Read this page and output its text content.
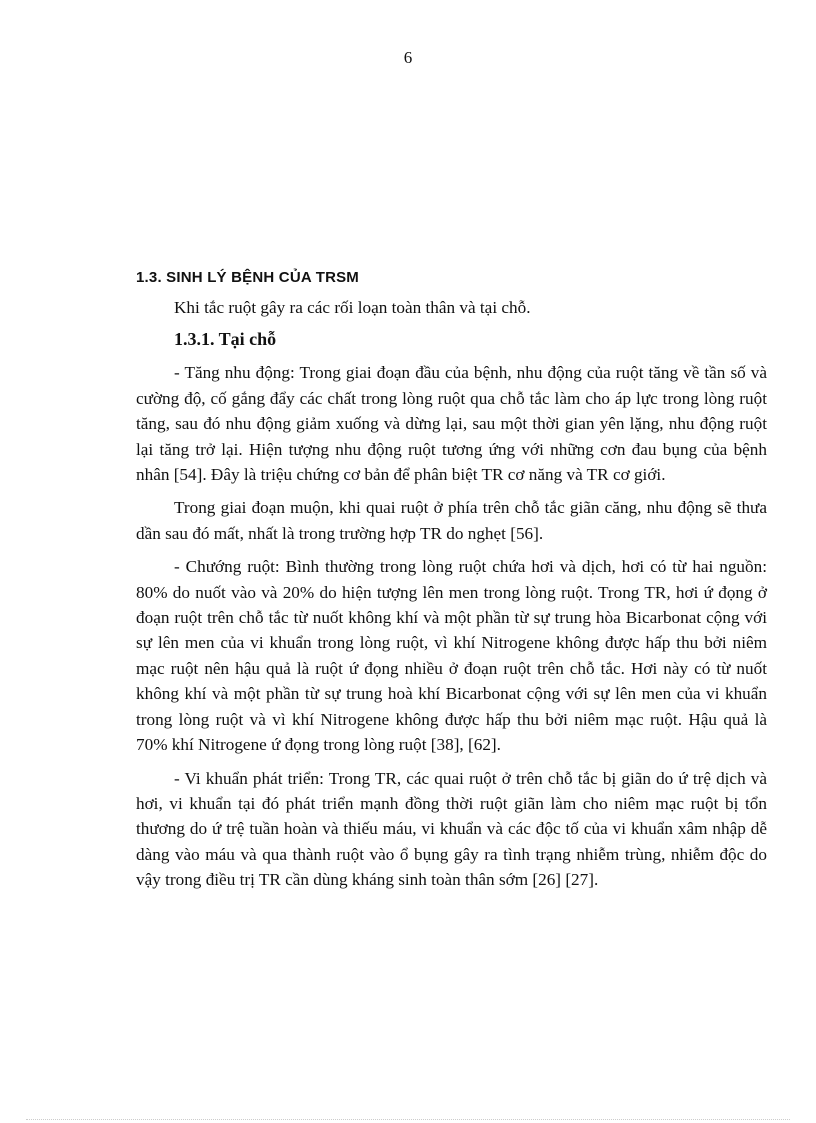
6
1.3. SINH LÝ BỆNH CỦA TRSM

Khi tắc ruột gây ra các rối loạn toàn thân và tại chỗ.

1.3.1. Tại chỗ

- Tăng nhu động: Trong giai đoạn đầu của bệnh, nhu động của ruột tăng về tần số và cường độ, cố gắng đẩy các chất trong lòng ruột qua chỗ tắc làm cho áp lực trong lòng ruột tăng, sau đó nhu động giảm xuống và dừng lại, sau một thời gian yên lặng, nhu động ruột lại tăng trở lại. Hiện tượng nhu động ruột tương ứng với những cơn đau bụng của bệnh nhân [54]. Đây là triệu chứng cơ bản để phân biệt TR cơ năng và TR cơ giới.

Trong giai đoạn muộn, khi quai ruột ở phía trên chỗ tắc giãn căng, nhu động sẽ thưa dần sau đó mất, nhất là trong trường hợp TR do nghẹt [56].

- Chướng ruột: Bình thường trong lòng ruột chứa hơi và dịch, hơi có từ hai nguồn: 80% do nuốt vào và 20% do hiện tượng lên men trong lòng ruột. Trong TR, hơi ứ đọng ở đoạn ruột trên chỗ tắc từ nuốt không khí và một phần từ sự trung hòa Bicarbonat cộng với sự lên men của vi khuẩn trong lòng ruột, vì khí Nitrogene không được hấp thu bởi niêm mạc ruột nên hậu quả là ruột ứ đọng nhiều ở đoạn ruột trên chỗ tắc. Hơi này có từ nuốt không khí và một phần từ sự trung hoà khí Bicarbonat cộng với sự lên men của vi khuẩn trong lòng ruột và vì khí Nitrogene không được hấp thu bởi niêm mạc ruột. Hậu quả là 70% khí Nitrogene ứ đọng trong lòng ruột [38], [62].

- Vi khuẩn phát triển: Trong TR, các quai ruột ở trên chỗ tắc bị giãn do ứ trệ dịch và hơi, vi khuẩn tại đó phát triển mạnh đồng thời ruột giãn làm cho niêm mạc ruột bị tổn thương do ứ trệ tuần hoàn và thiếu máu, vi khuẩn và các độc tố của vi khuẩn xâm nhập dễ dàng vào máu và qua thành ruột vào ổ bụng gây ra tình trạng nhiễm trùng, nhiễm độc do vậy trong điều trị TR cần dùng kháng sinh toàn thân sớm [26] [27].
